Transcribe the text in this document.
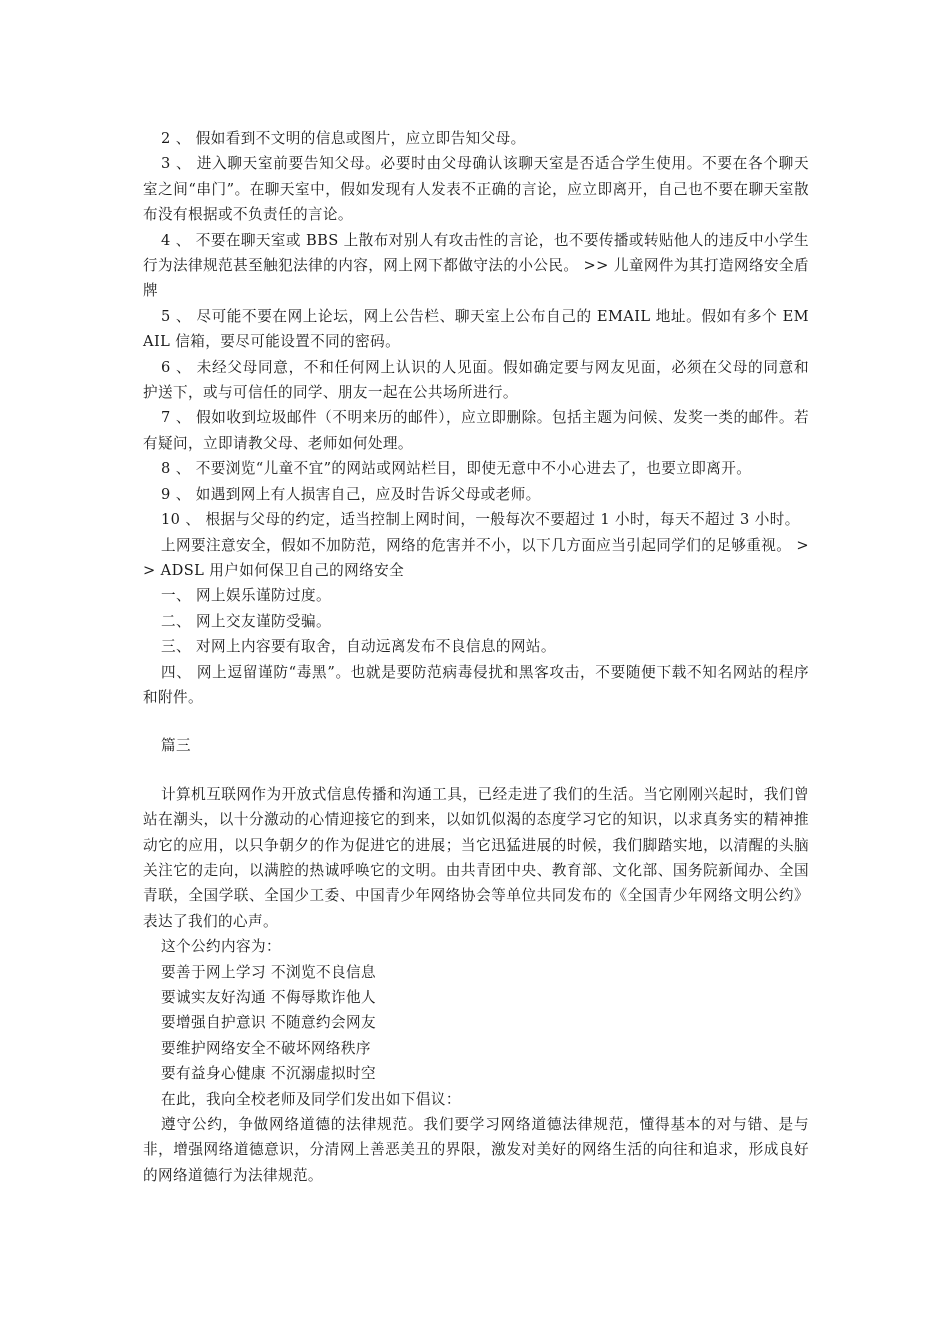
2 、 假如看到不文明的信息或图片，应立即告知父母。

3 、 进入聊天室前要告知父母。必要时由父母确认该聊天室是否适合学生使用。不要在各个聊天室之间“串门”。在聊天室中，假如发现有人发表不正确的言论，应立即离开，自己也不要在聊天室散布没有根据或不负责任的言论。

4 、 不要在聊天室或 BBS 上散布对别人有攻击性的言论，也不要传播或转贴他人的违反中小学生行为法律规范甚至触犯法律的内容，网上网下都做守法的小公民。 >> 儿童网件为其打造网络安全盾牌

5 、 尽可能不要在网上论坛，网上公告栏、聊天室上公布自己的 EMAIL 地址。假如有多个 EMAIL 信箱，要尽可能设置不同的密码。

6 、 未经父母同意，不和任何网上认识的人见面。假如确定要与网友见面，必须在父母的同意和护送下，或与可信任的同学、朋友一起在公共场所进行。

7 、 假如收到垃圾邮件（不明来历的邮件），应立即删除。包括主题为问候、发奖一类的邮件。若有疑问，立即请教父母、老师如何处理。

8 、 不要浏览“儿童不宜”的网站或网站栏目，即使无意中不小心进去了，也要立即离开。

9 、 如遇到网上有人损害自己，应及时告诉父母或老师。

10 、 根据与父母的约定，适当控制上网时间，一般每次不要超过 1 小时，每天不超过 3 小时。

上网要注意安全，假如不加防范，网络的危害并不小，以下几方面应当引起同学们的足够重视。 >> ADSL 用户如何保卫自己的网络安全

一、 网上娱乐谨防过度。

二、 网上交友谨防受骗。

三、 对网上内容要有取舍，自动远离发布不良信息的网站。

四、 网上逗留谨防“毒黑”。也就是要防范病毒侵扰和黑客攻击，不要随便下载不知名网站的程序和附件。

篇三

计算机互联网作为开放式信息传播和沟通工具，已经走进了我们的生活。当它刚刚兴起时，我们曾站在潮头，以十分激动的心情迎接它的到来，以如饥似渴的态度学习它的知识，以求真务实的精神推动它的应用，以只争朝夕的作为促进它的进展；当它迅猛进展的时候，我们脚踏实地，以清醒的头脑关注它的走向，以满腔的热诚呼唤它的文明。由共青团中央、教育部、文化部、国务院新闻办、全国青联，全国学联、全国少工委、中国青少年网络协会等单位共同发布的《全国青少年网络文明公约》表达了我们的心声。

这个公约内容为：

要善于网上学习 不浏览不良信息

要诚实友好沟通 不侮辱欺诈他人

要增强自护意识 不随意约会网友

要维护网络安全不破坏网络秩序

要有益身心健康 不沉溺虚拟时空

在此，我向全校老师及同学们发出如下倡议：

遵守公约，争做网络道德的法律规范。我们要学习网络道德法律规范，懂得基本的对与错、是与非，增强网络道德意识，分清网上善恶美丑的界限，激发对美好的网络生活的向往和追求，形成良好的网络道德行为法律规范。
